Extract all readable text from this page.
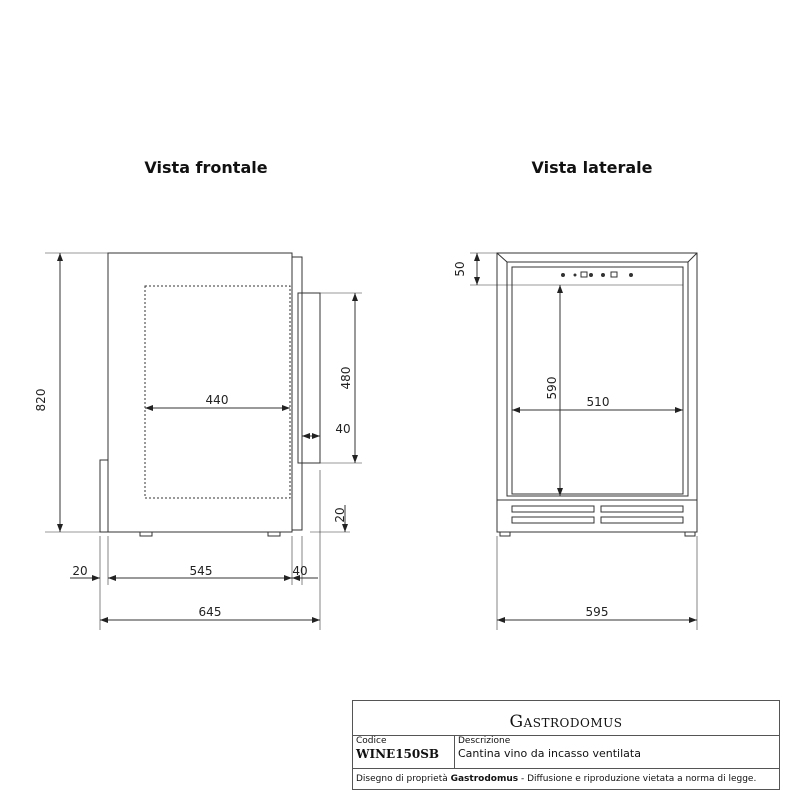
Vista frontale	Vista laterale
820	440
480
40
20
20	545	40
645
50
590
510
595
Gastrodomus
Codice
WINE150SB
Descrizione
Cantina vino da incasso ventilata
Disegno di proprietà Gastrodomus - Diffusione e riproduzione vietata a norma di legge.
